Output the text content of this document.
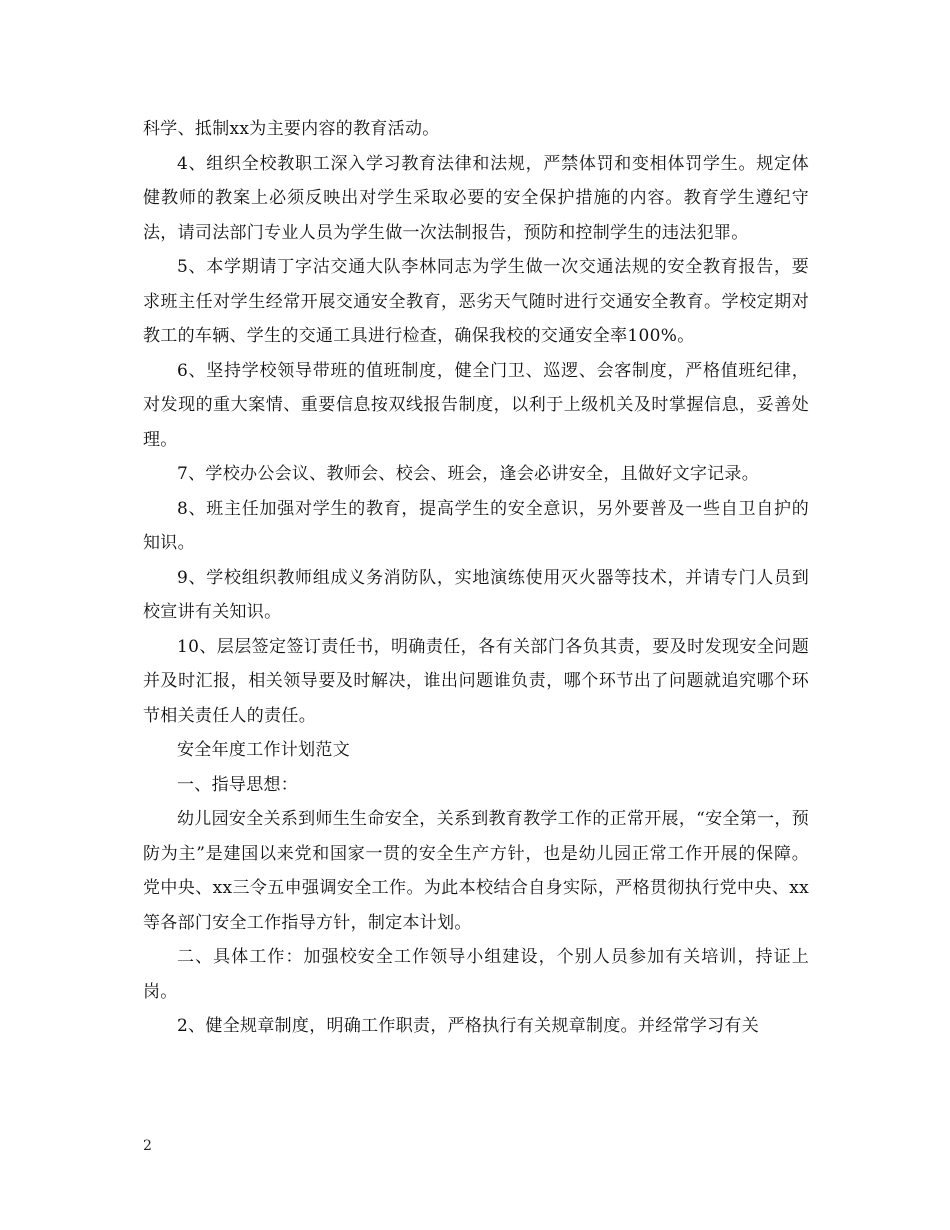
科学、抵制xx为主要内容的教育活动。

4、组织全校教职工深入学习教育法律和法规，严禁体罚和变相体罚学生。规定体健教师的教案上必须反映出对学生采取必要的安全保护措施的内容。教育学生遵纪守法，请司法部门专业人员为学生做一次法制报告，预防和控制学生的违法犯罪。

5、本学期请丁字沽交通大队李林同志为学生做一次交通法规的安全教育报告，要求班主任对学生经常开展交通安全教育，恶劣天气随时进行交通安全教育。学校定期对教工的车辆、学生的交通工具进行检查，确保我校的交通安全率100%。

6、坚持学校领导带班的值班制度，健全门卫、巡逻、会客制度，严格值班纪律，对发现的重大案情、重要信息按双线报告制度，以利于上级机关及时掌握信息，妥善处理。

7、学校办公会议、教师会、校会、班会，逢会必讲安全，且做好文字记录。

8、班主任加强对学生的教育，提高学生的安全意识，另外要普及一些自卫自护的知识。

9、学校组织教师组成义务消防队，实地演练使用灭火器等技术，并请专门人员到校宣讲有关知识。

10、层层签定签订责任书，明确责任，各有关部门各负其责，要及时发现安全问题并及时汇报，相关领导要及时解决，谁出问题谁负责，哪个环节出了问题就追究哪个环节相关责任人的责任。

安全年度工作计划范文

一、指导思想：

幼儿园安全关系到师生生命安全，关系到教育教学工作的正常开展，“安全第一，预防为主”是建国以来党和国家一贯的安全生产方针，也是幼儿园正常工作开展的保障。党中央、xx三令五申强调安全工作。为此本校结合自身实际，严格贯彻执行党中央、xx等各部门安全工作指导方针，制定本计划。

二、具体工作：加强校安全工作领导小组建设，个别人员参加有关培训，持证上岗。

2、健全规章制度，明确工作职责，严格执行有关规章制度。并经常学习有关

2
